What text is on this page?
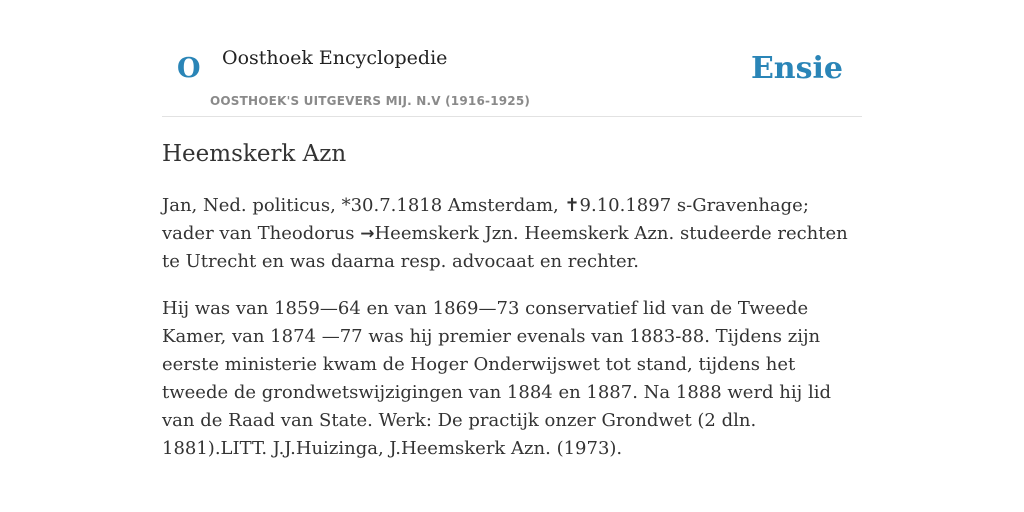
O Oosthoek Encyclopedie
OOSTHOEK'S UITGEVERS MIJ. N.V (1916-1925)
Ensie
Heemskerk Azn

Jan, Ned. politicus, *30.7.1818 Amsterdam, ✝9.10.1897 s-Gravenhage; vader van Theodorus →Heemskerk Jzn. Heemskerk Azn. studeerde rechten te Utrecht en was daarna resp. advocaat en rechter.

Hij was van 1859—64 en van 1869—73 conservatief lid van de Tweede Kamer, van 1874 —77 was hij premier evenals van 1883-88. Tijdens zijn eerste ministerie kwam de Hoger Onderwijswet tot stand, tijdens het tweede de grondwetswijzigingen van 1884 en 1887. Na 1888 werd hij lid van de Raad van State. Werk: De practijk onzer Grondwet (2 dln. 1881).LITT. J.J.Huizinga, J.Heemskerk Azn. (1973).
